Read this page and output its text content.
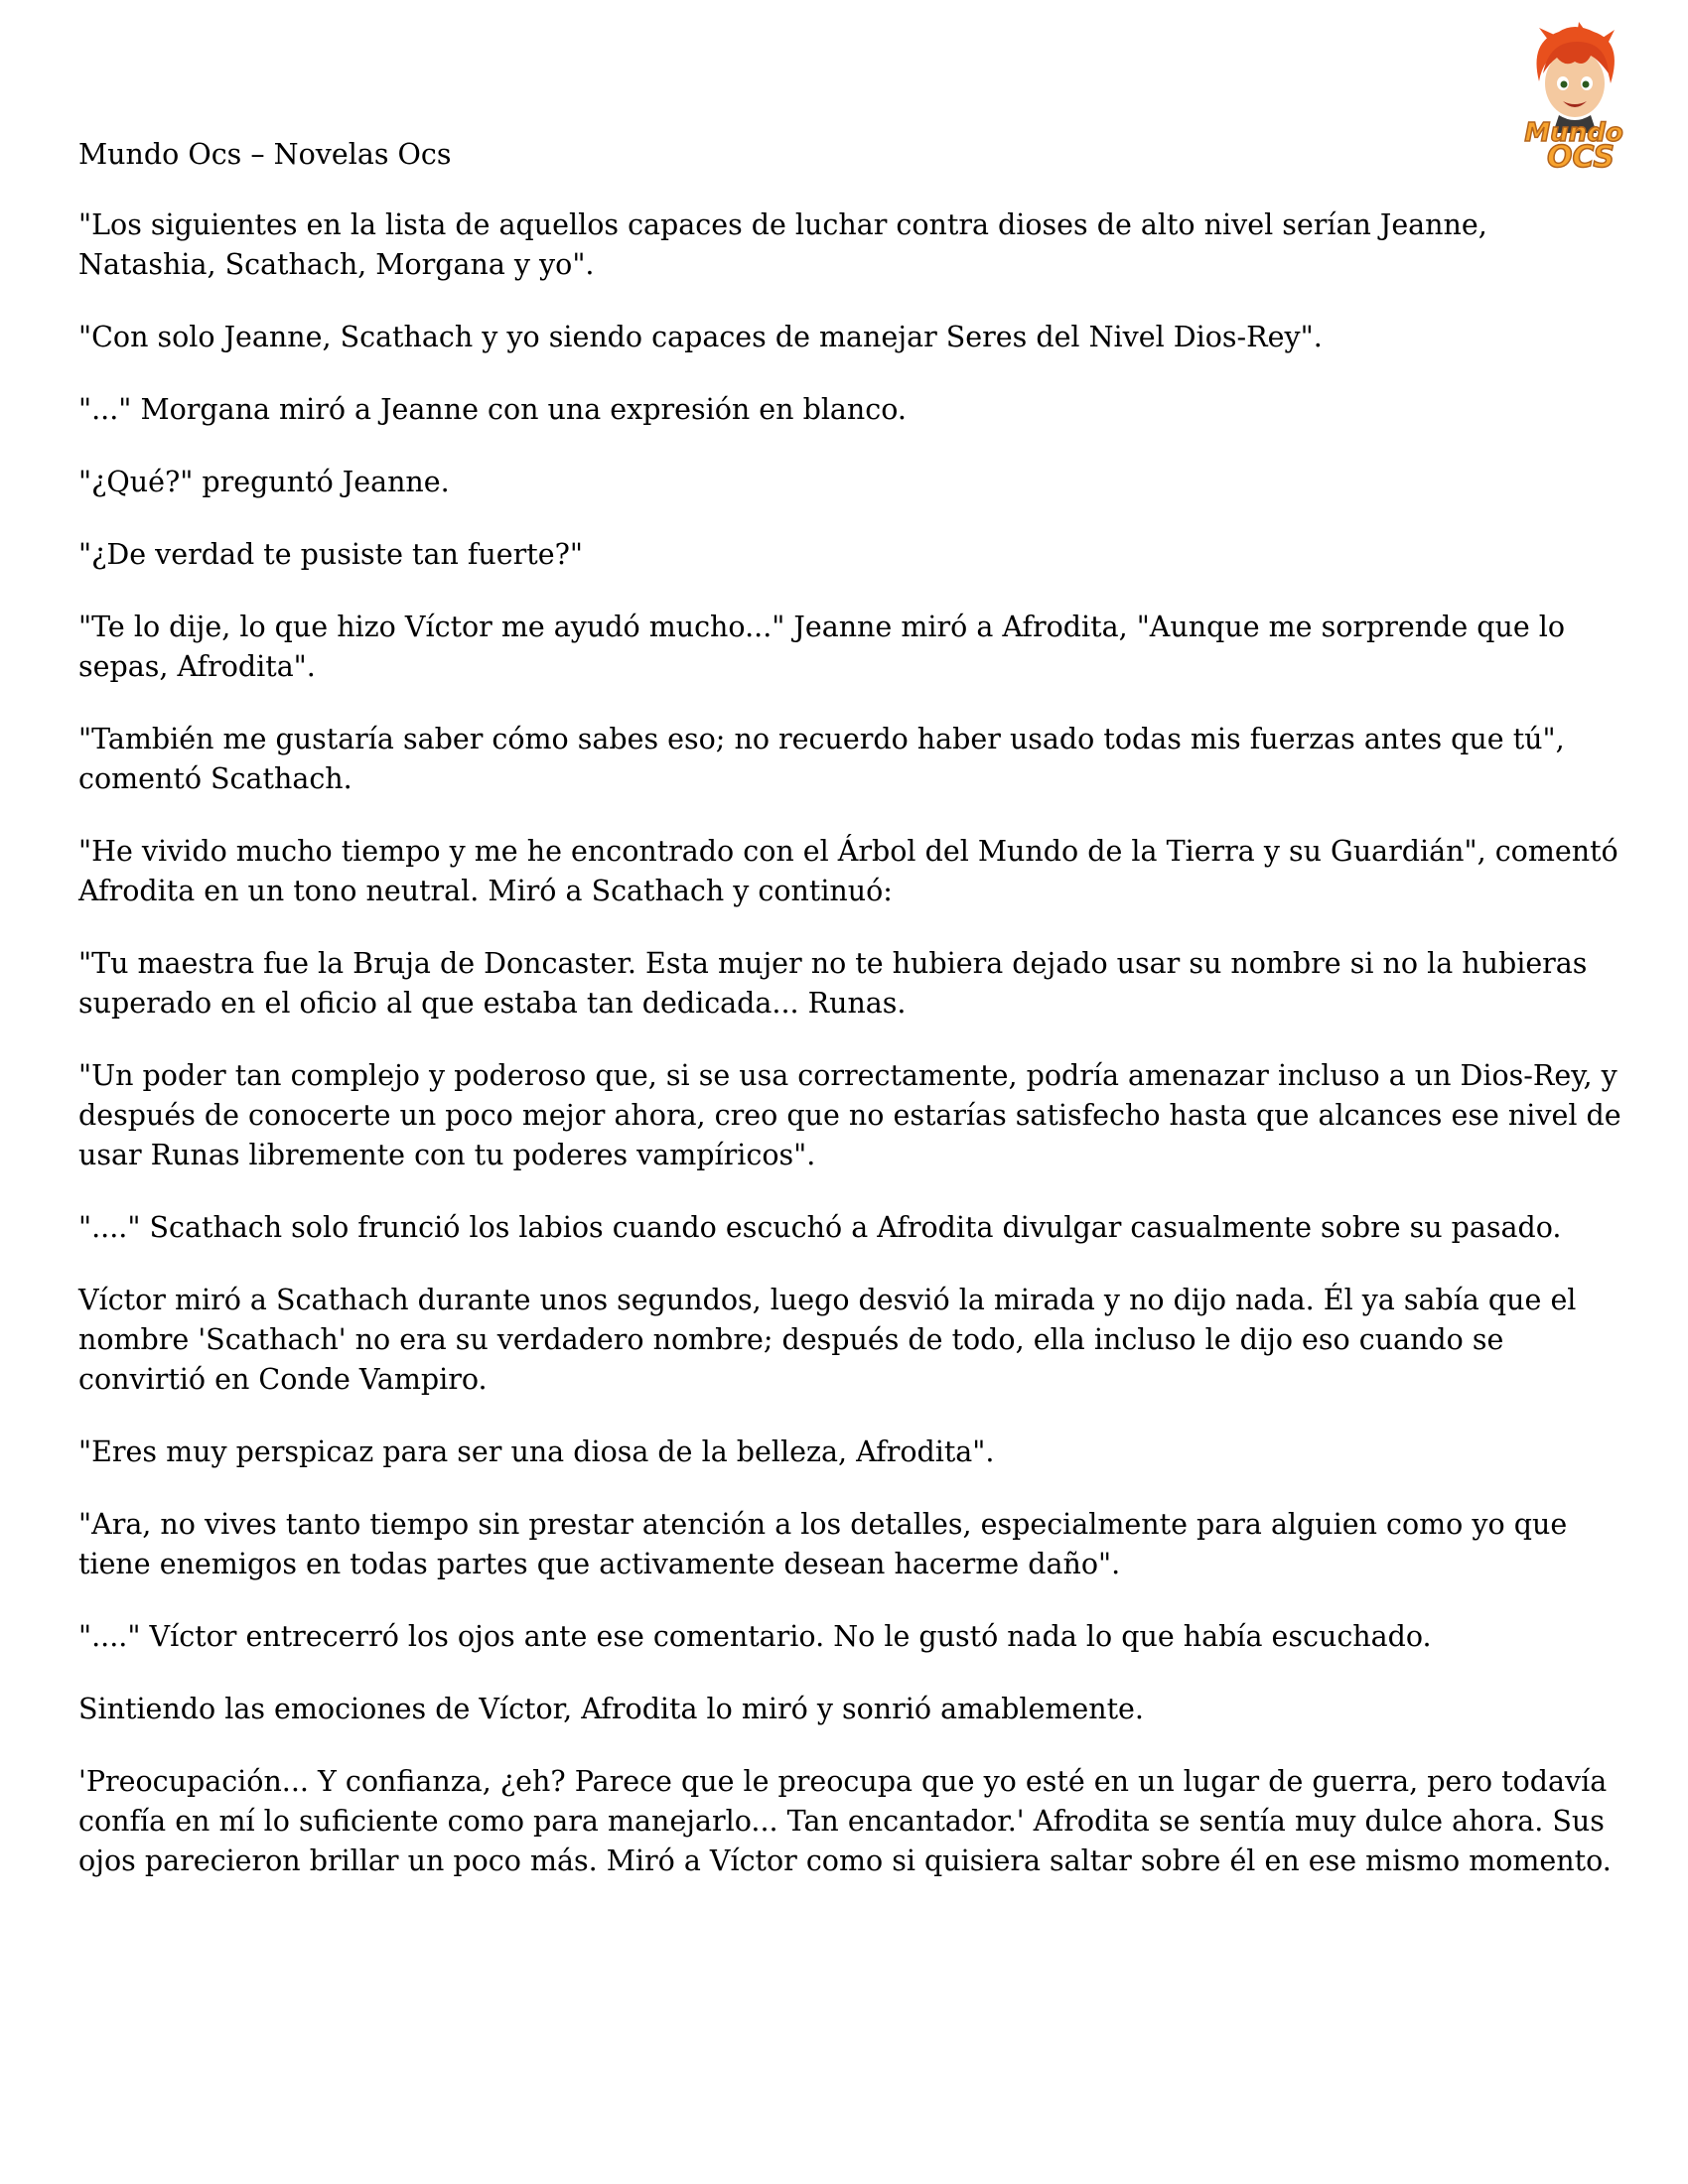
Mundo
OCS
Mundo Ocs – Novelas Ocs

"Los siguientes en la lista de aquellos capaces de luchar contra dioses de alto nivel serían Jeanne, Natashia, Scathach, Morgana y yo".

"Con solo Jeanne, Scathach y yo siendo capaces de manejar Seres del Nivel Dios-Rey".

"..." Morgana miró a Jeanne con una expresión en blanco.

"¿Qué?" preguntó Jeanne.

"¿De verdad te pusiste tan fuerte?"

"Te lo dije, lo que hizo Víctor me ayudó mucho..." Jeanne miró a Afrodita, "Aunque me sorprende que lo sepas, Afrodita".

"También me gustaría saber cómo sabes eso; no recuerdo haber usado todas mis fuerzas antes que tú", comentó Scathach.

"He vivido mucho tiempo y me he encontrado con el Árbol del Mundo de la Tierra y su Guardián", comentó Afrodita en un tono neutral. Miró a Scathach y continuó:

"Tu maestra fue la Bruja de Doncaster. Esta mujer no te hubiera dejado usar su nombre si no la hubieras superado en el oficio al que estaba tan dedicada... Runas.

"Un poder tan complejo y poderoso que, si se usa correctamente, podría amenazar incluso a un Dios-Rey, y después de conocerte un poco mejor ahora, creo que no estarías satisfecho hasta que alcances ese nivel de usar Runas libremente con tu poderes vampíricos".

"...." Scathach solo frunció los labios cuando escuchó a Afrodita divulgar casualmente sobre su pasado.

Víctor miró a Scathach durante unos segundos, luego desvió la mirada y no dijo nada. Él ya sabía que el nombre 'Scathach' no era su verdadero nombre; después de todo, ella incluso le dijo eso cuando se convirtió en Conde Vampiro.

"Eres muy perspicaz para ser una diosa de la belleza, Afrodita".

"Ara, no vives tanto tiempo sin prestar atención a los detalles, especialmente para alguien como yo que tiene enemigos en todas partes que activamente desean hacerme daño".

"...." Víctor entrecerró los ojos ante ese comentario. No le gustó nada lo que había escuchado.

Sintiendo las emociones de Víctor, Afrodita lo miró y sonrió amablemente.

'Preocupación... Y confianza, ¿eh? Parece que le preocupa que yo esté en un lugar de guerra, pero todavía confía en mí lo suficiente como para manejarlo... Tan encantador.' Afrodita se sentía muy dulce ahora. Sus ojos parecieron brillar un poco más. Miró a Víctor como si quisiera saltar sobre él en ese mismo momento.
